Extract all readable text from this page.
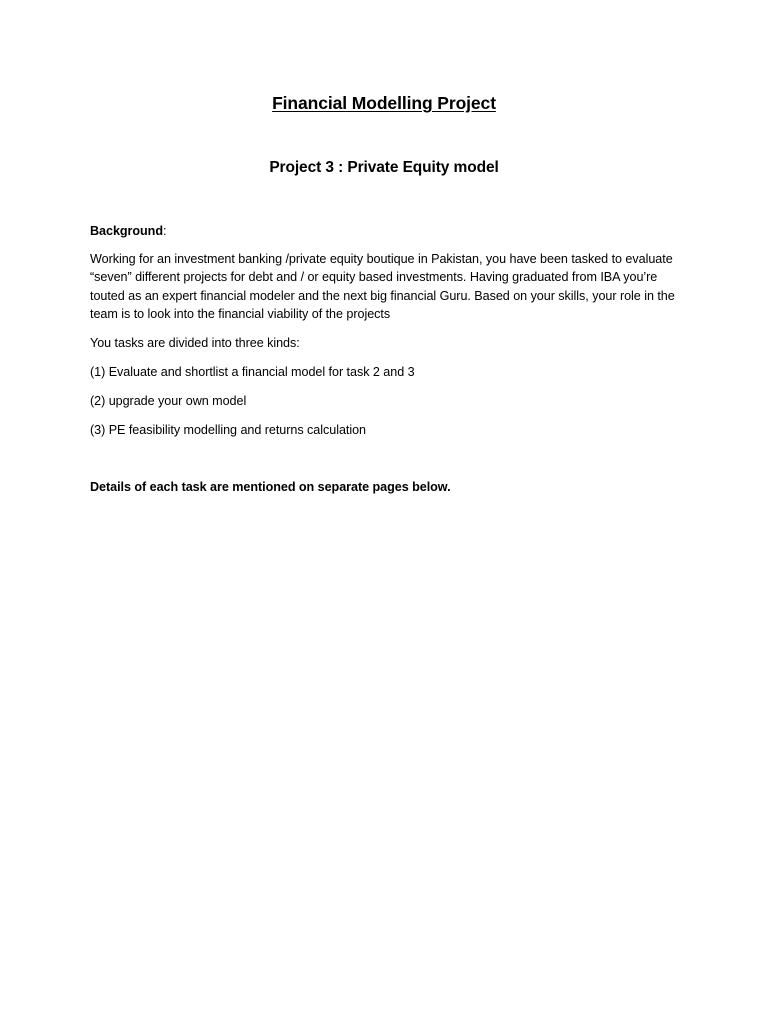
Financial Modelling Project

Project 3 : Private Equity model

Background:

Working for an investment banking /private equity boutique in Pakistan, you have been tasked to evaluate “seven” different projects for debt and / or equity based investments. Having graduated from IBA you’re touted as an expert financial modeler and the next big financial Guru. Based on your skills, your role in the team is to look into the financial viability of the projects

You tasks are divided into three kinds:

(1) Evaluate and shortlist a financial model for task 2 and 3

(2) upgrade your own model

(3) PE feasibility modelling and returns calculation

Details of each task are mentioned on separate pages below.
